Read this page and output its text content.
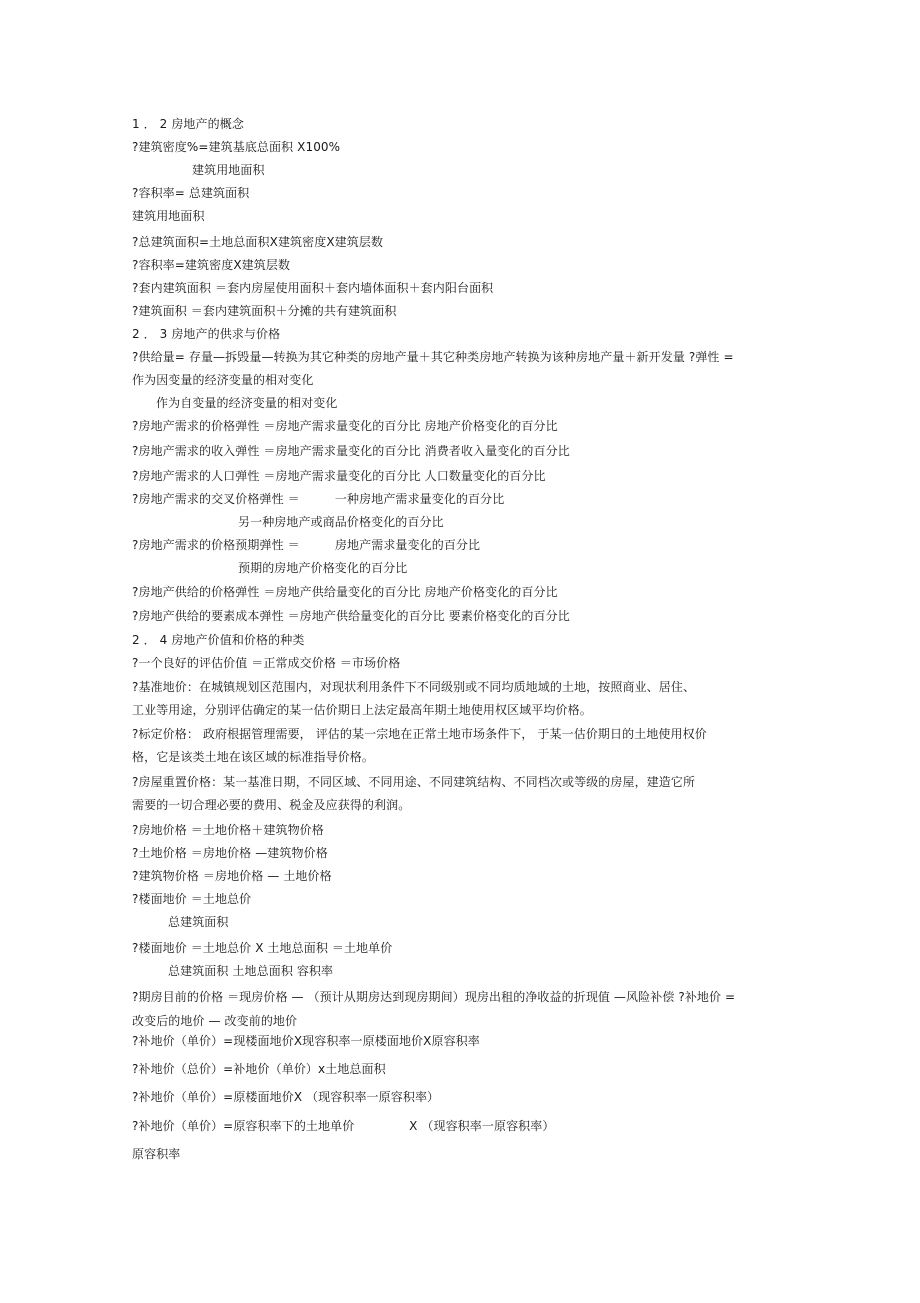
1 ． 2 房地产的概念
?建筑密度%=建筑基底总面积 X100%
建筑用地面积
?容积率= 总建筑面积
建筑用地面积
?总建筑面积=土地总面积X建筑密度X建筑层数
?容积率=建筑密度X建筑层数
?套内建筑面积 ＝套内房屋使用面积＋套内墙体面积＋套内阳台面积
?建筑面积 ＝套内建筑面积＋分摊的共有建筑面积
2 ． 3 房地产的供求与价格
?供给量= 存量—拆毁量—转换为其它种类的房地产量＋其它种类房地产转换为该种房地产量＋新开发量 ?弹性 =
作为因变量的经济变量的相对变化
作为自变量的经济变量的相对变化
?房地产需求的价格弹性 ＝房地产需求量变化的百分比 房地产价格变化的百分比
?房地产需求的收入弹性 ＝房地产需求量变化的百分比 消费者收入量变化的百分比
?房地产需求的人口弹性 ＝房地产需求量变化的百分比 人口数量变化的百分比
?房地产需求的交叉价格弹性 ＝         一种房地产需求量变化的百分比
另一种房地产或商品价格变化的百分比
?房地产需求的价格预期弹性 ＝         房地产需求量变化的百分比
预期的房地产价格变化的百分比
?房地产供给的价格弹性 ＝房地产供给量变化的百分比 房地产价格变化的百分比
?房地产供给的要素成本弹性 ＝房地产供给量变化的百分比 要素价格变化的百分比
2 ． 4 房地产价值和价格的种类
?一个良好的评估价值 ＝正常成交价格 ＝市场价格
?基准地价：在城镇规划区范围内，对现状利用条件下不同级别或不同均质地域的土地，按照商业、居住、
工业等用途，分别评估确定的某一估价期日上法定最高年期土地使用权区域平均价格。
?标定价格： 政府根据管理需要， 评估的某一宗地在正常土地市场条件下， 于某一估价期日的土地使用权价
格，它是该类土地在该区域的标准指导价格。
?房屋重置价格：某一基准日期，不同区域、不同用途、不同建筑结构、不同档次或等级的房屋，建造它所
需要的一切合理必要的费用、税金及应获得的利润。
?房地价格 ＝土地价格＋建筑物价格
?土地价格 ＝房地价格 —建筑物价格
?建筑物价格 ＝房地价格 — 土地价格
?楼面地价 ＝土地总价
总建筑面积
?楼面地价 ＝土地总价 X 土地总面积 ＝土地单价
总建筑面积 土地总面积 容积率
?期房目前的价格 ＝现房价格 — （预计从期房达到现房期间）现房出租的净收益的折现值 —风险补偿 ?补地价 =
改变后的地价 — 改变前的地价
?补地价（单价）=现楼面地价X现容积率一原楼面地价X原容积率
?补地价（总价）=补地价（单价）x土地总面积
?补地价（单价）=原楼面地价X （现容积率一原容积率）
?补地价（单价）=原容积率下的土地单价              X （现容积率一原容积率）
原容积率
